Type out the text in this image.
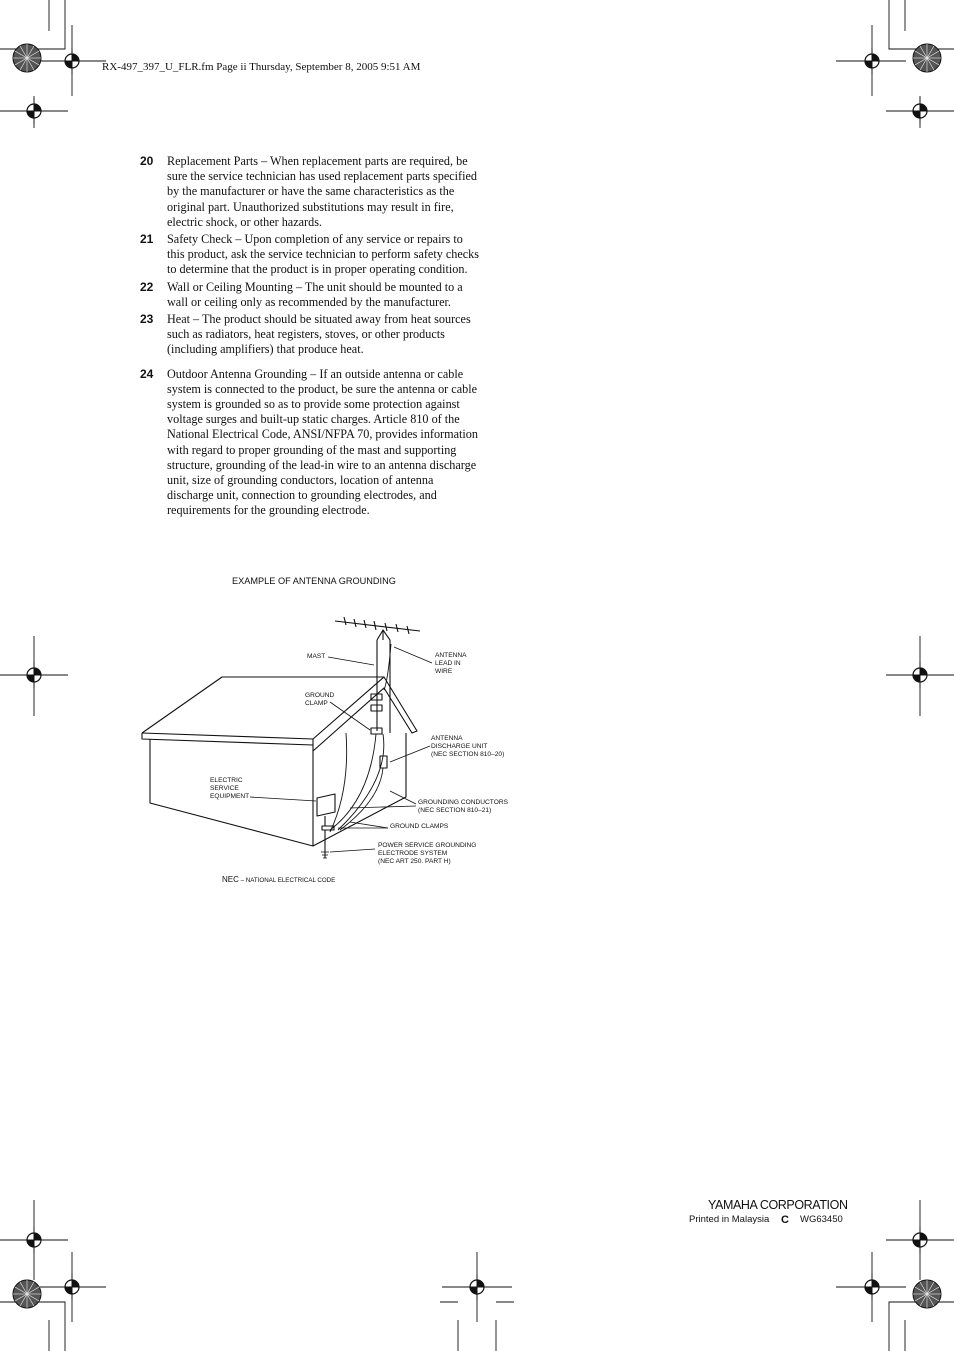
RX-497_397_U_FLR.fm Page ii Thursday, September 8, 2005 9:51 AM
20 Replacement Parts – When replacement parts are required, be sure the service technician has used replacement parts specified by the manufacturer or have the same characteristics as the original part. Unauthorized substitutions may result in fire, electric shock, or other hazards.
21 Safety Check – Upon completion of any service or repairs to this product, ask the service technician to perform safety checks to determine that the product is in proper operating condition.
22 Wall or Ceiling Mounting – The unit should be mounted to a wall or ceiling only as recommended by the manufacturer.
23 Heat – The product should be situated away from heat sources such as radiators, heat registers, stoves, or other products (including amplifiers) that produce heat.
24 Outdoor Antenna Grounding – If an outside antenna or cable system is connected to the product, be sure the antenna or cable system is grounded so as to provide some protection against voltage surges and built-up static charges. Article 810 of the National Electrical Code, ANSI/NFPA 70, provides information with regard to proper grounding of the mast and supporting structure, grounding of the lead-in wire to an antenna discharge unit, size of grounding conductors, location of antenna discharge unit, connection to grounding electrodes, and requirements for the grounding electrode.
EXAMPLE OF ANTENNA GROUNDING
MAST	ANTENNA
LEAD IN
WIRE
GROUND
CLAMP
ANTENNA
DISCHARGE UNIT
(NEC SECTION 810–20)
ELECTRIC
SERVICE
EQUIPMENT
GROUNDING CONDUCTORS
(NEC SECTION 810–21)
GROUND CLAMPS
POWER SERVICE GROUNDING
ELECTRODE SYSTEM
(NEC ART 250. PART H)
NEC – NATIONAL ELECTRICAL CODE
YAMAHA CORPORATION
Printed in Malaysia C WG63450
